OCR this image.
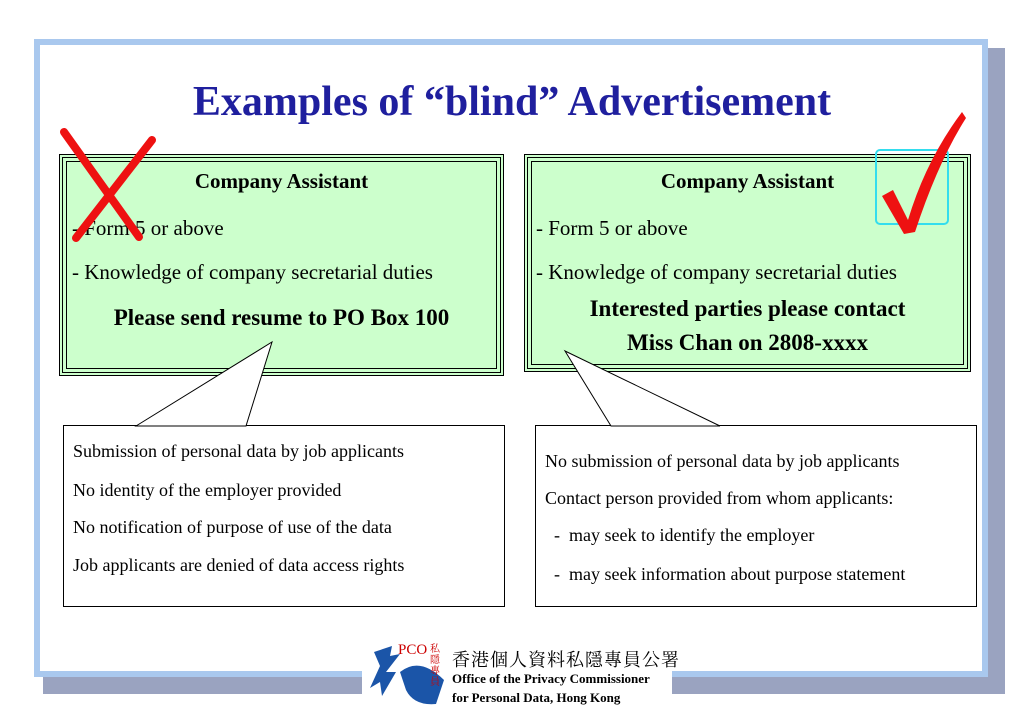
Examples of “blind” Advertisement
Company Assistant
- Form 5 or above
- Knowledge of company secretarial duties
Please send resume to PO Box 100
Company Assistant
- Form 5 or above
- Knowledge of company secretarial duties
Interested parties please contact
Miss Chan on 2808-xxxx
Submission of personal data by job applicants
No identity of the employer provided
No notification of purpose of use of the data
Job applicants are denied of data access rights
No submission of personal data by job applicants
Contact person provided from whom applicants:
-  may seek to identify the employer
-  may seek information about purpose statement
PCO 私隱專員
香港個人資料私隱專員公署
Office of the Privacy Commissioner
for Personal Data, Hong Kong
